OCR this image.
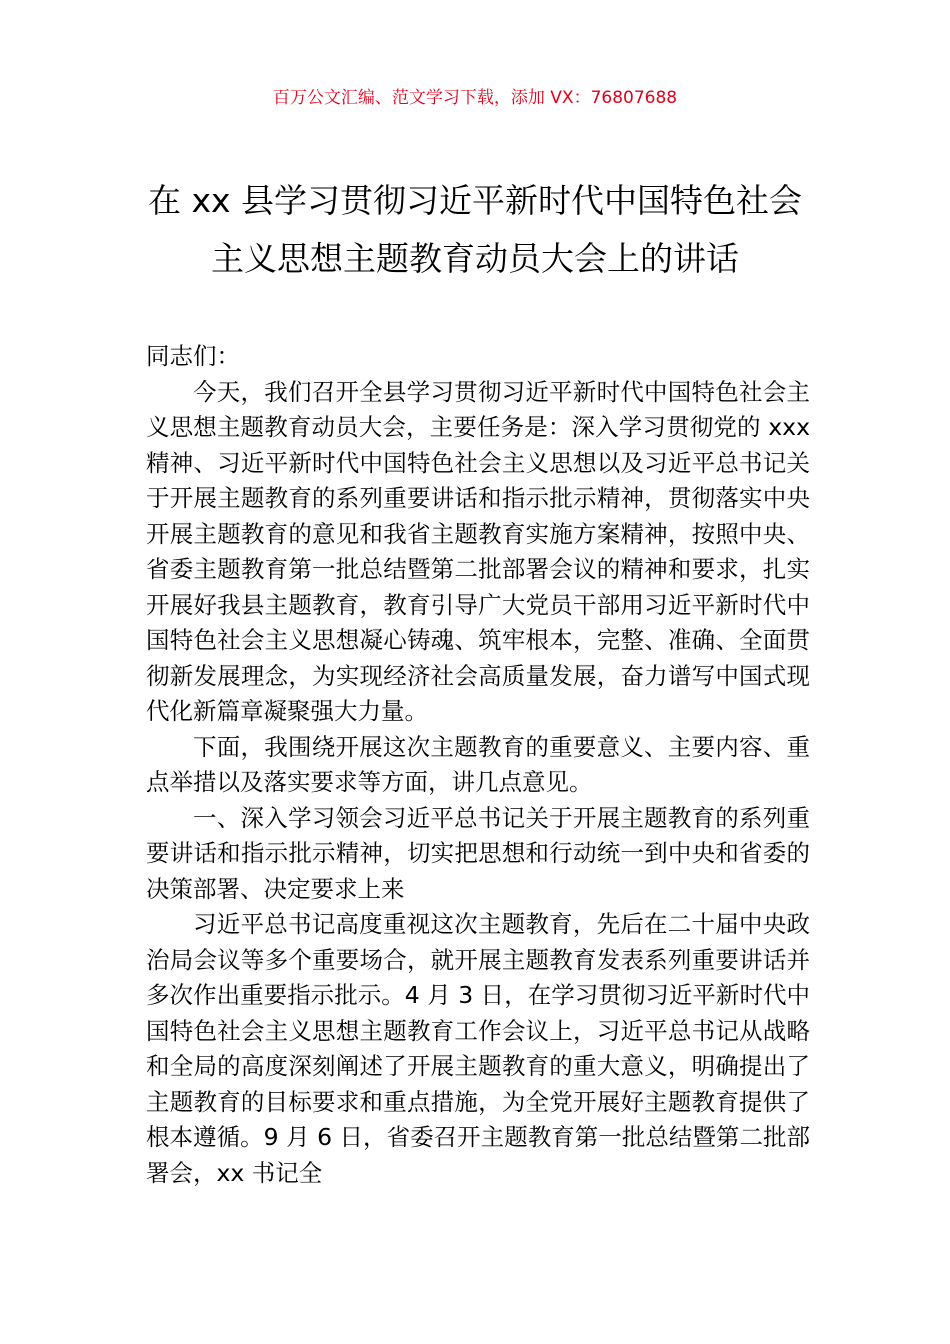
百万公文汇编、范文学习下载，添加 VX：76807688
在 xx 县学习贯彻习近平新时代中国特色社会主义思想主题教育动员大会上的讲话

同志们：

今天，我们召开全县学习贯彻习近平新时代中国特色社会主义思想主题教育动员大会，主要任务是：深入学习贯彻党的 xxx 精神、习近平新时代中国特色社会主义思想以及习近平总书记关于开展主题教育的系列重要讲话和指示批示精神，贯彻落实中央开展主题教育的意见和我省主题教育实施方案精神，按照中央、省委主题教育第一批总结暨第二批部署会议的精神和要求，扎实开展好我县主题教育，教育引导广大党员干部用习近平新时代中国特色社会主义思想凝心铸魂、筑牢根本，完整、准确、全面贯彻新发展理念，为实现经济社会高质量发展，奋力谱写中国式现代化新篇章凝聚强大力量。

下面，我围绕开展这次主题教育的重要意义、主要内容、重点举措以及落实要求等方面，讲几点意见。

一、深入学习领会习近平总书记关于开展主题教育的系列重要讲话和指示批示精神，切实把思想和行动统一到中央和省委的决策部署、决定要求上来

习近平总书记高度重视这次主题教育，先后在二十届中央政治局会议等多个重要场合，就开展主题教育发表系列重要讲话并多次作出重要指示批示。4 月 3 日，在学习贯彻习近平新时代中国特色社会主义思想主题教育工作会议上，习近平总书记从战略和全局的高度深刻阐述了开展主题教育的重大意义，明确提出了主题教育的目标要求和重点措施，为全党开展好主题教育提供了根本遵循。9 月 6 日，省委召开主题教育第一批总结暨第二批部署会，xx 书记全
